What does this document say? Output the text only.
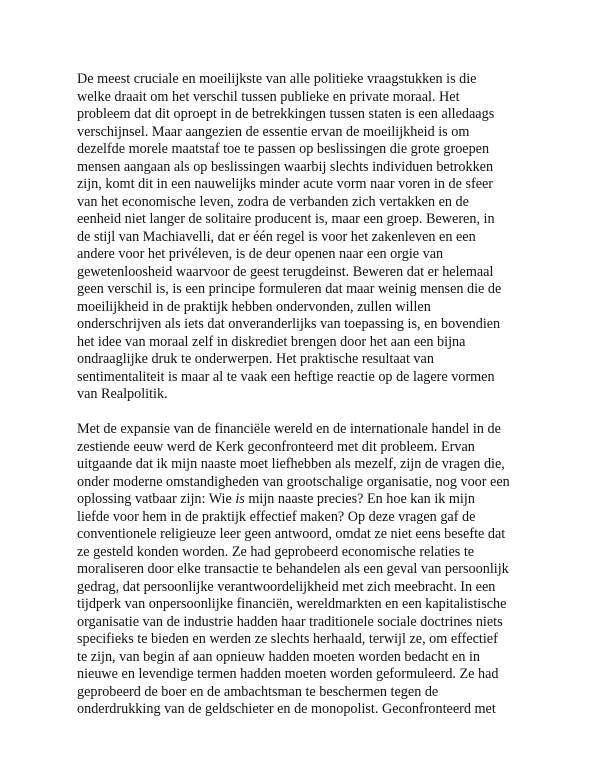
De meest cruciale en moeilijkste van alle politieke vraagstukken is die
welke draait om het verschil tussen publieke en private moraal. Het
probleem dat dit oproept in de betrekkingen tussen staten is een alledaags
verschijnsel. Maar aangezien de essentie ervan de moeilijkheid is om
dezelfde morele maatstaf toe te passen op beslissingen die grote groepen
mensen aangaan als op beslissingen waarbij slechts individuen betrokken
zijn, komt dit in een nauwelijks minder acute vorm naar voren in de sfeer
van het economische leven, zodra de verbanden zich vertakken en de
eenheid niet langer de solitaire producent is, maar een groep. Beweren, in
de stijl van Machiavelli, dat er één regel is voor het zakenleven en een
andere voor het privéleven, is de deur openen naar een orgie van
gewetenloosheid waarvoor de geest terugdeinst. Beweren dat er helemaal
geen verschil is, is een principe formuleren dat maar weinig mensen die de
moeilijkheid in de praktijk hebben ondervonden, zullen willen
onderschrijven als iets dat onveranderlijks van toepassing is, en bovendien
het idee van moraal zelf in diskrediet brengen door het aan een bijna
ondraaglijke druk te onderwerpen. Het praktische resultaat van
sentimentaliteit is maar al te vaak een heftige reactie op de lagere vormen
van Realpolitik.

Met de expansie van de financiële wereld en de internationale handel in de
zestiende eeuw werd de Kerk geconfronteerd met dit probleem. Ervan
uitgaande dat ik mijn naaste moet liefhebben als mezelf, zijn de vragen die,
onder moderne omstandigheden van grootschalige organisatie, nog voor een
oplossing vatbaar zijn: Wie is mijn naaste precies? En hoe kan ik mijn
liefde voor hem in de praktijk effectief maken? Op deze vragen gaf de
conventionele religieuze leer geen antwoord, omdat ze niet eens besefte dat
ze gesteld konden worden. Ze had geprobeerd economische relaties te
moraliseren door elke transactie te behandelen als een geval van persoonlijk
gedrag, dat persoonlijke verantwoordelijkheid met zich meebracht. In een
tijdperk van onpersoonlijke financiën, wereldmarkten en een kapitalistische
organisatie van de industrie hadden haar traditionele sociale doctrines niets
specifieks te bieden en werden ze slechts herhaald, terwijl ze, om effectief
te zijn, van begin af aan opnieuw hadden moeten worden bedacht en in
nieuwe en levendige termen hadden moeten worden geformuleerd. Ze had
geprobeerd de boer en de ambachtsman te beschermen tegen de
onderdrukking van de geldschieter en de monopolist. Geconfronteerd met
